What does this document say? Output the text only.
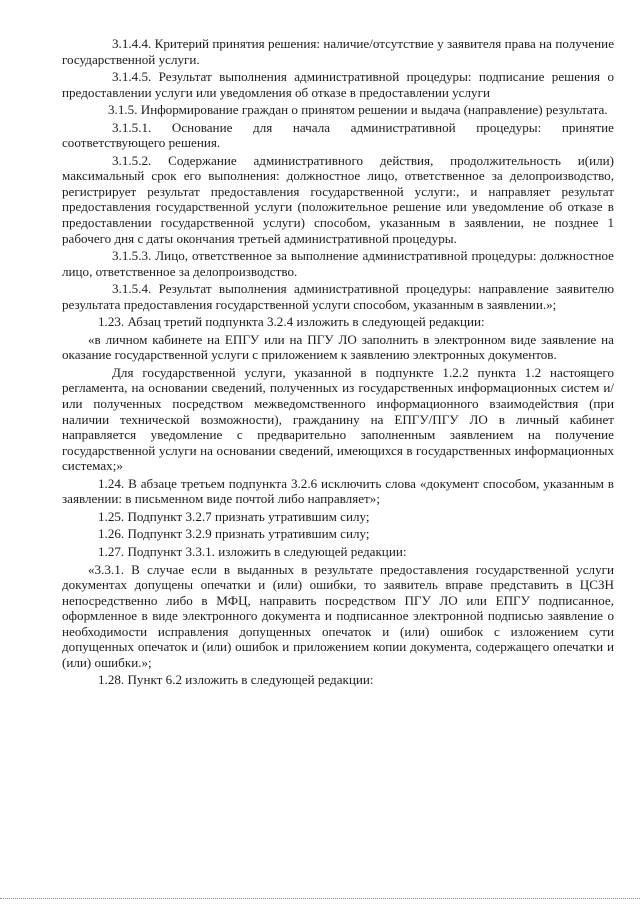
3.1.4.4. Критерий принятия решения: наличие/отсутствие у заявителя права на получение государственной услуги.

3.1.4.5. Результат выполнения административной процедуры: подписание решения о предоставлении услуги или уведомления об отказе в предоставлении услуги

3.1.5. Информирование граждан о принятом решении и выдача (направление) результата.

3.1.5.1. Основание для начала административной процедуры: принятие соответствующего решения.

3.1.5.2. Содержание административного действия, продолжительность и(или) максимальный срок его выполнения: должностное лицо, ответственное за делопроизводство, регистрирует результат предоставления государственной услуги:, и направляет результат предоставления государственной услуги (положительное решение или уведомление об отказе в предоставлении государственной услуги) способом, указанным в заявлении, не позднее 1 рабочего дня с даты окончания третьей административной процедуры.

3.1.5.3. Лицо, ответственное за выполнение административной процедуры: должностное лицо, ответственное за делопроизводство.

3.1.5.4. Результат выполнения административной процедуры: направление заявителю результата предоставления государственной услуги способом, указанным в заявлении.»;

1.23. Абзац третий подпункта 3.2.4 изложить в следующей редакции:

«в личном кабинете на ЕПГУ или на ПГУ ЛО заполнить в электронном виде заявление на оказание государственной услуги с приложением к заявлению электронных документов.

Для государственной услуги, указанной в подпункте 1.2.2 пункта 1.2 настоящего регламента, на основании сведений, полученных из государственных информационных систем и/или полученных посредством межведомственного информационного взаимодействия (при наличии технической возможности), гражданину на ЕПГУ/ПГУ ЛО в личный кабинет направляется уведомление с предварительно заполненным заявлением на получение государственной услуги на основании сведений, имеющихся в государственных информационных системах;»

1.24. В абзаце третьем подпункта 3.2.6 исключить слова «документ способом, указанным в заявлении: в письменном виде почтой либо направляет»;

1.25. Подпункт 3.2.7 признать утратившим силу;

1.26. Подпункт 3.2.9 признать утратившим силу;

1.27. Подпункт 3.3.1. изложить в следующей редакции:

«3.3.1. В случае если в выданных в результате предоставления государственной услуги документах допущены опечатки и (или) ошибки, то заявитель вправе представить в ЦСЗН непосредственно либо в МФЦ, направить посредством ПГУ ЛО или ЕПГУ подписанное, оформленное в виде электронного документа и подписанное электронной подписью заявление о необходимости исправления допущенных опечаток и (или) ошибок с изложением сути допущенных опечаток и (или) ошибок и приложением копии документа, содержащего опечатки и (или) ошибки.»;

1.28. Пункт 6.2 изложить в следующей редакции:
